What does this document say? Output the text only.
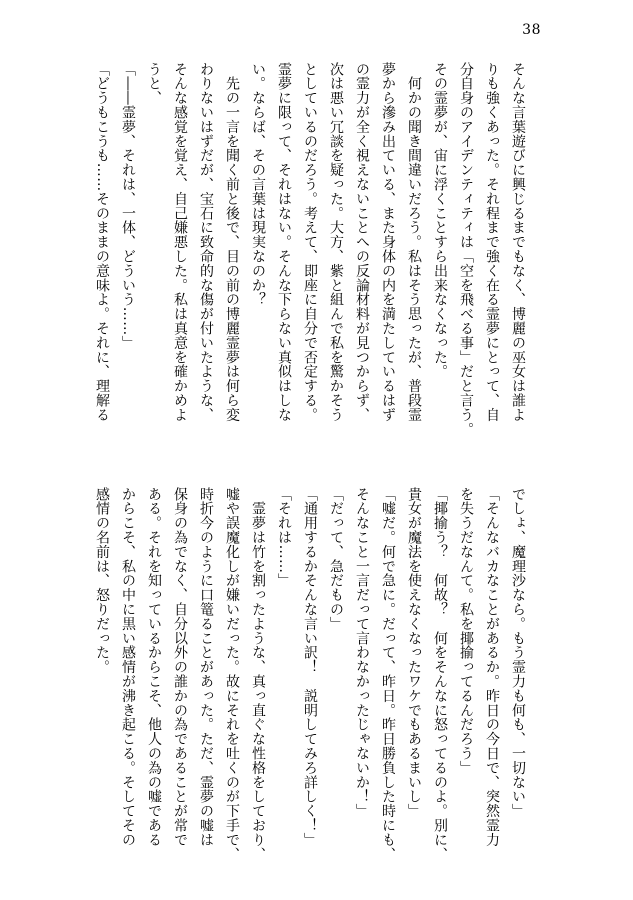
38
そんな言葉遊びに興じるまでもなく、博麗の巫女は誰よ
りも強くあった。それ程まで強く在る霊夢にとって、自
分自身のアイデンティティは「空を飛べる事」だと言う。
その霊夢が、宙に浮くことすら出来なくなった。
　何かの聞き間違いだろう。私はそう思ったが、普段霊
夢から滲み出ている、また身体の内を満たしているはず
の霊力が全く視えないことへの反論材料が見つからず、
次は悪い冗談を疑った。大方、紫と組んで私を驚かそう
としているのだろう。考えて、即座に自分で否定する。
霊夢に限って、それはない。そんな下らない真似はしな
い。ならば、その言葉は現実なのか？
　先の一言を聞く前と後で、目の前の博麗霊夢は何ら変
わりないはずだが、宝石に致命的な傷が付いたような、
そんな感覚を覚え、自己嫌悪した。私は真意を確かめよ
うと、
「――霊夢、それは、一体、どういう……」
「どうもこうも……そのままの意味よ。それに、理解る
でしょ、魔理沙なら。もう霊力も何も、一切ない」
「そんなバカなことがあるか。昨日の今日で、突然霊力
を失うだなんて。私を揶揄ってるんだろう」
「揶揄う？　何故？　何をそんなに怒ってるのよ。別に、
貴女が魔法を使えなくなったワケでもあるまいし」
「嘘だ。何で急に。だって、昨日。昨日勝負した時にも、
そんなこと一言だって言わなかったじゃないか！」
「だって、急だもの」
「通用するかそんな言い訳！　説明してみろ詳しく！」
「それは……」
　霊夢は竹を割ったような、真っ直ぐな性格をしており、
嘘や誤魔化しが嫌いだった。故にそれを吐くのが下手で、
時折今のように口篭ることがあった。ただ、霊夢の嘘は
保身の為でなく、自分以外の誰かの為であることが常で
ある。それを知っているからこそ、他人の為の嘘である
からこそ、私の中に黒い感情が沸き起こる。そしてその
感情の名前は、怒りだった。
